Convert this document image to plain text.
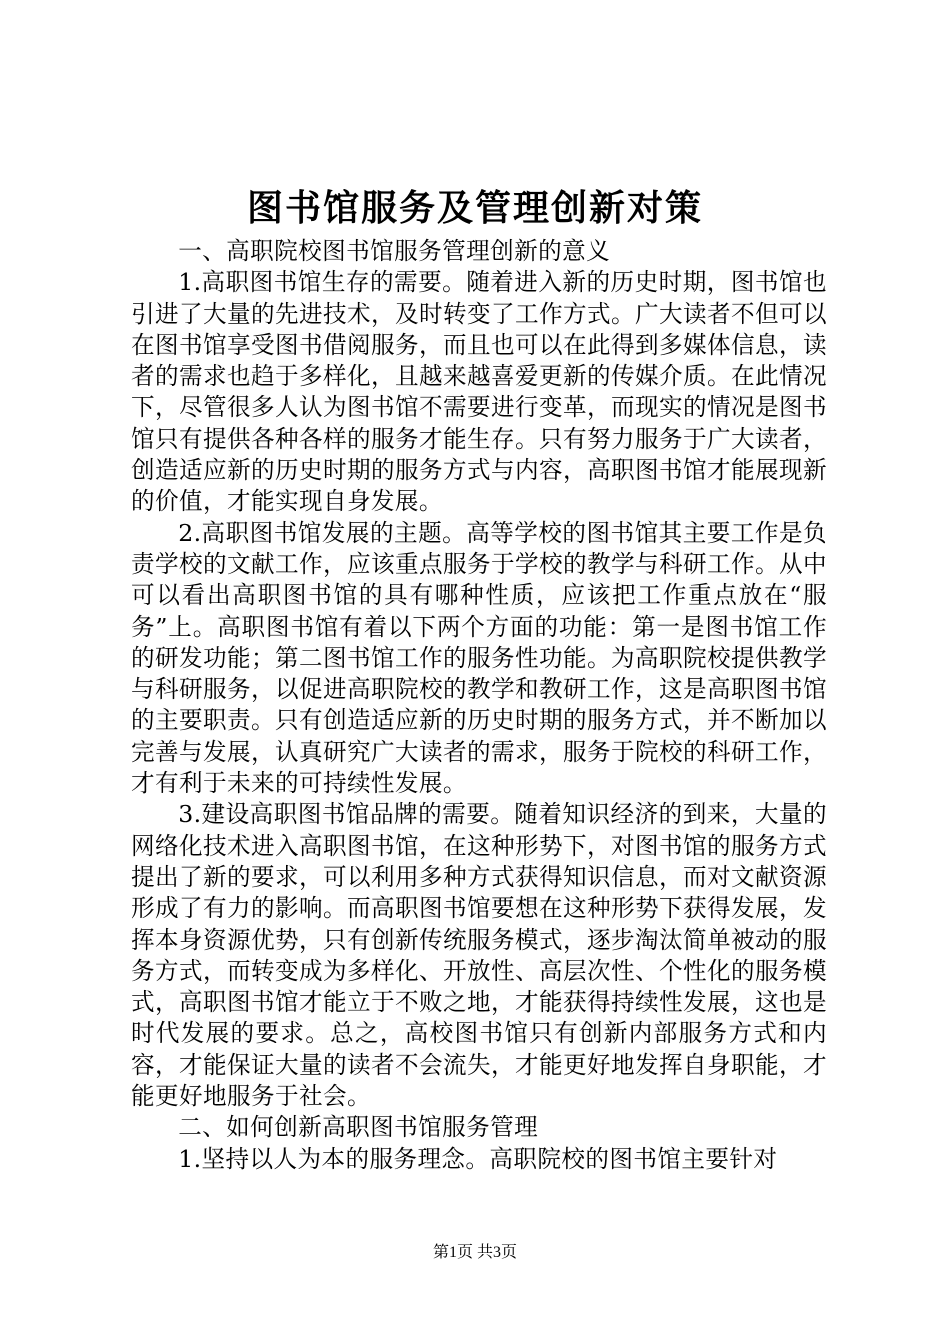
图书馆服务及管理创新对策

一、高职院校图书馆服务管理创新的意义

1.高职图书馆生存的需要。随着进入新的历史时期，图书馆也引进了大量的先进技术，及时转变了工作方式。广大读者不但可以在图书馆享受图书借阅服务，而且也可以在此得到多媒体信息，读者的需求也趋于多样化，且越来越喜爱更新的传媒介质。在此情况下，尽管很多人认为图书馆不需要进行变革，而现实的情况是图书馆只有提供各种各样的服务才能生存。只有努力服务于广大读者，创造适应新的历史时期的服务方式与内容，高职图书馆才能展现新的价值，才能实现自身发展。

2.高职图书馆发展的主题。高等学校的图书馆其主要工作是负责学校的文献工作，应该重点服务于学校的教学与科研工作。从中可以看出高职图书馆的具有哪种性质，应该把工作重点放在“服务”上。高职图书馆有着以下两个方面的功能：第一是图书馆工作的研发功能；第二图书馆工作的服务性功能。为高职院校提供教学与科研服务，以促进高职院校的教学和教研工作，这是高职图书馆的主要职责。只有创造适应新的历史时期的服务方式，并不断加以完善与发展，认真研究广大读者的需求，服务于院校的科研工作，才有利于未来的可持续性发展。

3.建设高职图书馆品牌的需要。随着知识经济的到来，大量的网络化技术进入高职图书馆，在这种形势下，对图书馆的服务方式提出了新的要求，可以利用多种方式获得知识信息，而对文献资源形成了有力的影响。而高职图书馆要想在这种形势下获得发展，发挥本身资源优势，只有创新传统服务模式，逐步淘汰简单被动的服务方式，而转变成为多样化、开放性、高层次性、个性化的服务模式，高职图书馆才能立于不败之地，才能获得持续性发展，这也是时代发展的要求。总之，高校图书馆只有创新内部服务方式和内容，才能保证大量的读者不会流失，才能更好地发挥自身职能，才能更好地服务于社会。

二、如何创新高职图书馆服务管理

1.坚持以人为本的服务理念。高职院校的图书馆主要针对

第1页 共3页
